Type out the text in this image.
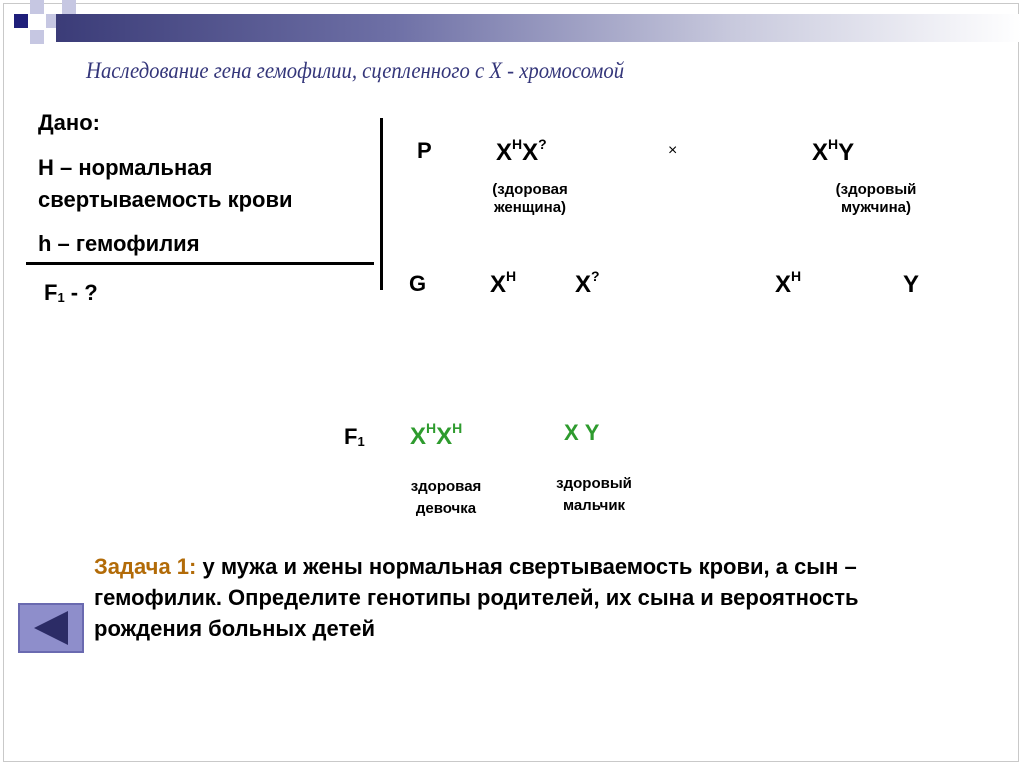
Наследование гена гемофилии, сцепленного с Х - хромосомой
Дано:
Н – нормальная свертываемость крови
h – гемофилия
$F_1$ - ?
Р	$Х^НХ^?$	×	$Х^НY$
(здоровая
женщина)
(здоровый
мужчина)
G	$Х^Н$ Х?	$Х^Н$	Y
$F_1$ $Х^НХ^Н$	Х Y
здоровая
девочка
здоровый
мальчик
Задача 1: у мужа и жены нормальная свертываемость крови, а сын – гемофилик. Определите генотипы родителей, их сына и вероятность рождения больных детей
